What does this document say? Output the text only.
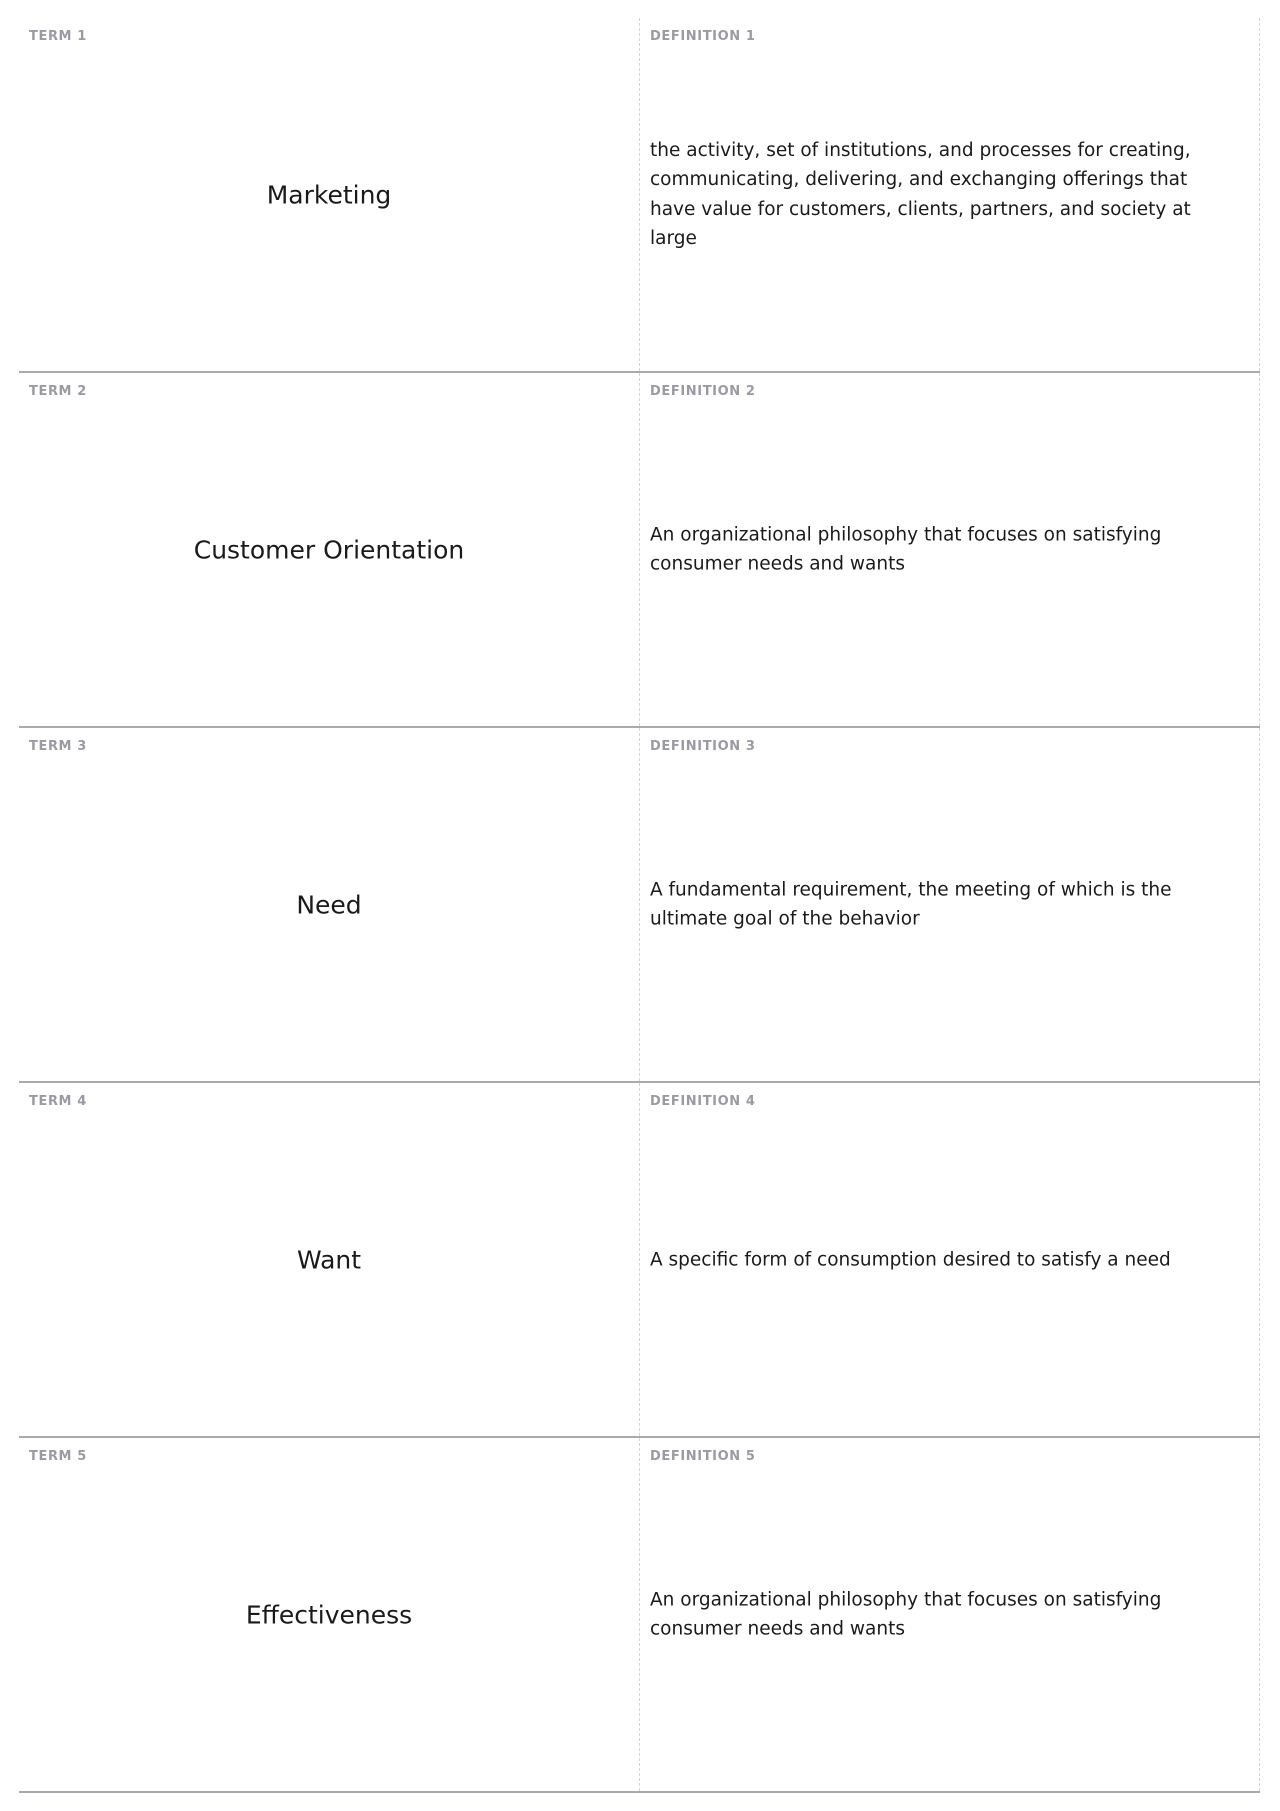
TERM 1
Marketing
DEFINITION 1
the activity, set of institutions, and processes for creating, communicating, delivering, and exchanging offerings that have value for customers, clients, partners, and society at large
TERM 2
Customer Orientation
DEFINITION 2
An organizational philosophy that focuses on satisfying consumer needs and wants
TERM 3
Need
DEFINITION 3
A fundamental requirement, the meeting of which is the ultimate goal of the behavior
TERM 4
Want
DEFINITION 4
A specific form of consumption desired to satisfy a need
TERM 5
Effectiveness
DEFINITION 5
An organizational philosophy that focuses on satisfying consumer needs and wants
